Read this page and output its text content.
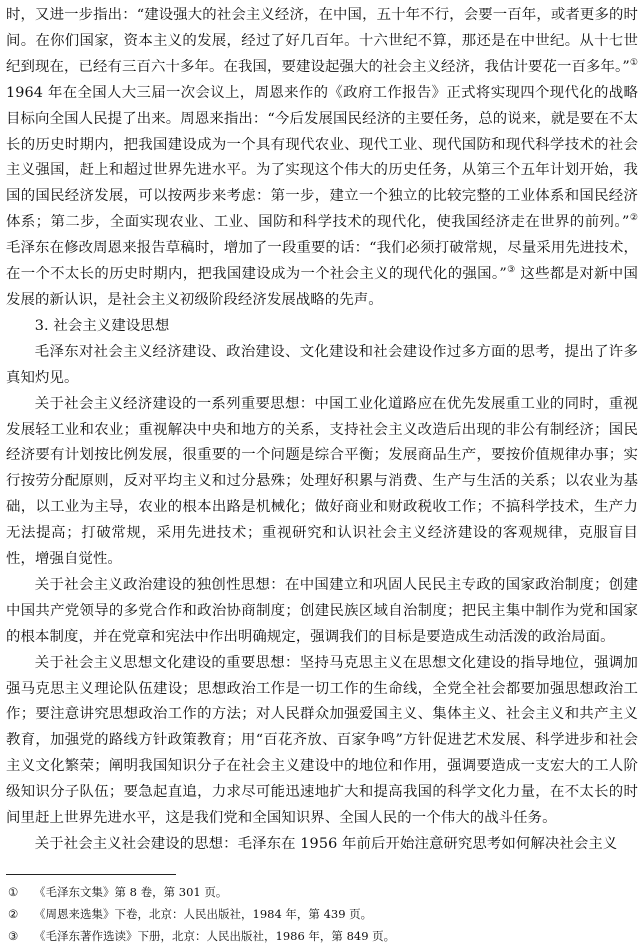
时，又进一步指出：“建设强大的社会主义经济，在中国，五十年不行，会要一百年，或者更多的时间。在你们国家，资本主义的发展，经过了好几百年。十六世纪不算，那还是在中世纪。从十七世纪到现在，已经有三百六十多年。在我国，要建设起强大的社会主义经济，我估计要花一百多年。”① 1964 年在全国人大三届一次会议上，周恩来作的《政府工作报告》正式将实现四个现代化的战略目标向全国人民提了出来。周恩来指出：“今后发展国民经济的主要任务，总的说来，就是要在不太长的历史时期内，把我国建设成为一个具有现代农业、现代工业、现代国防和现代科学技术的社会主义强国，赶上和超过世界先进水平。为了实现这个伟大的历史任务，从第三个五年计划开始，我国的国民经济发展，可以按两步来考虑：第一步，建立一个独立的比较完整的工业体系和国民经济体系；第二步，全面实现农业、工业、国防和科学技术的现代化，使我国经济走在世界的前列。”② 毛泽东在修改周恩来报告草稿时，增加了一段重要的话：“我们必须打破常规，尽量采用先进技术，在一个不太长的历史时期内，把我国建设成为一个社会主义的现代化的强国。”③ 这些都是对新中国发展的新认识，是社会主义初级阶段经济发展战略的先声。

3. 社会主义建设思想

毛泽东对社会主义经济建设、政治建设、文化建设和社会建设作过多方面的思考，提出了许多真知灼见。

关于社会主义经济建设的一系列重要思想：中国工业化道路应在优先发展重工业的同时，重视发展轻工业和农业；重视解决中央和地方的关系，支持社会主义改造后出现的非公有制经济；国民经济要有计划按比例发展，很重要的一个问题是综合平衡；发展商品生产，要按价值规律办事；实行按劳分配原则，反对平均主义和过分悬殊；处理好积累与消费、生产与生活的关系；以农业为基础，以工业为主导，农业的根本出路是机械化；做好商业和财政税收工作；不搞科学技术，生产力无法提高；打破常规，采用先进技术；重视研究和认识社会主义经济建设的客观规律，克服盲目性，增强自觉性。

关于社会主义政治建设的独创性思想：在中国建立和巩固人民民主专政的国家政治制度；创建中国共产党领导的多党合作和政治协商制度；创建民族区域自治制度；把民主集中制作为党和国家的根本制度，并在党章和宪法中作出明确规定，强调我们的目标是要造成生动活泼的政治局面。

关于社会主义思想文化建设的重要思想：坚持马克思主义在思想文化建设的指导地位，强调加强马克思主义理论队伍建设；思想政治工作是一切工作的生命线，全党全社会都要加强思想政治工作；要注意讲究思想政治工作的方法；对人民群众加强爱国主义、集体主义、社会主义和共产主义教育，加强党的路线方针政策教育；用“百花齐放、百家争鸣”方针促进艺术发展、科学进步和社会主义文化繁荣；阐明我国知识分子在社会主义建设中的地位和作用，强调要造成一支宏大的工人阶级知识分子队伍；要急起直追，力求尽可能迅速地扩大和提高我国的科学文化力量，在不太长的时间里赶上世界先进水平，这是我们党和全国知识界、全国人民的一个伟大的战斗任务。

关于社会主义社会建设的思想：毛泽东在 1956 年前后开始注意研究思考如何解决社会主义

① 《毛泽东文集》第 8 卷，第 301 页。

② 《周恩来选集》下卷，北京：人民出版社，1984 年，第 439 页。

③ 《毛泽东著作选读》下册，北京：人民出版社，1986 年，第 849 页。
